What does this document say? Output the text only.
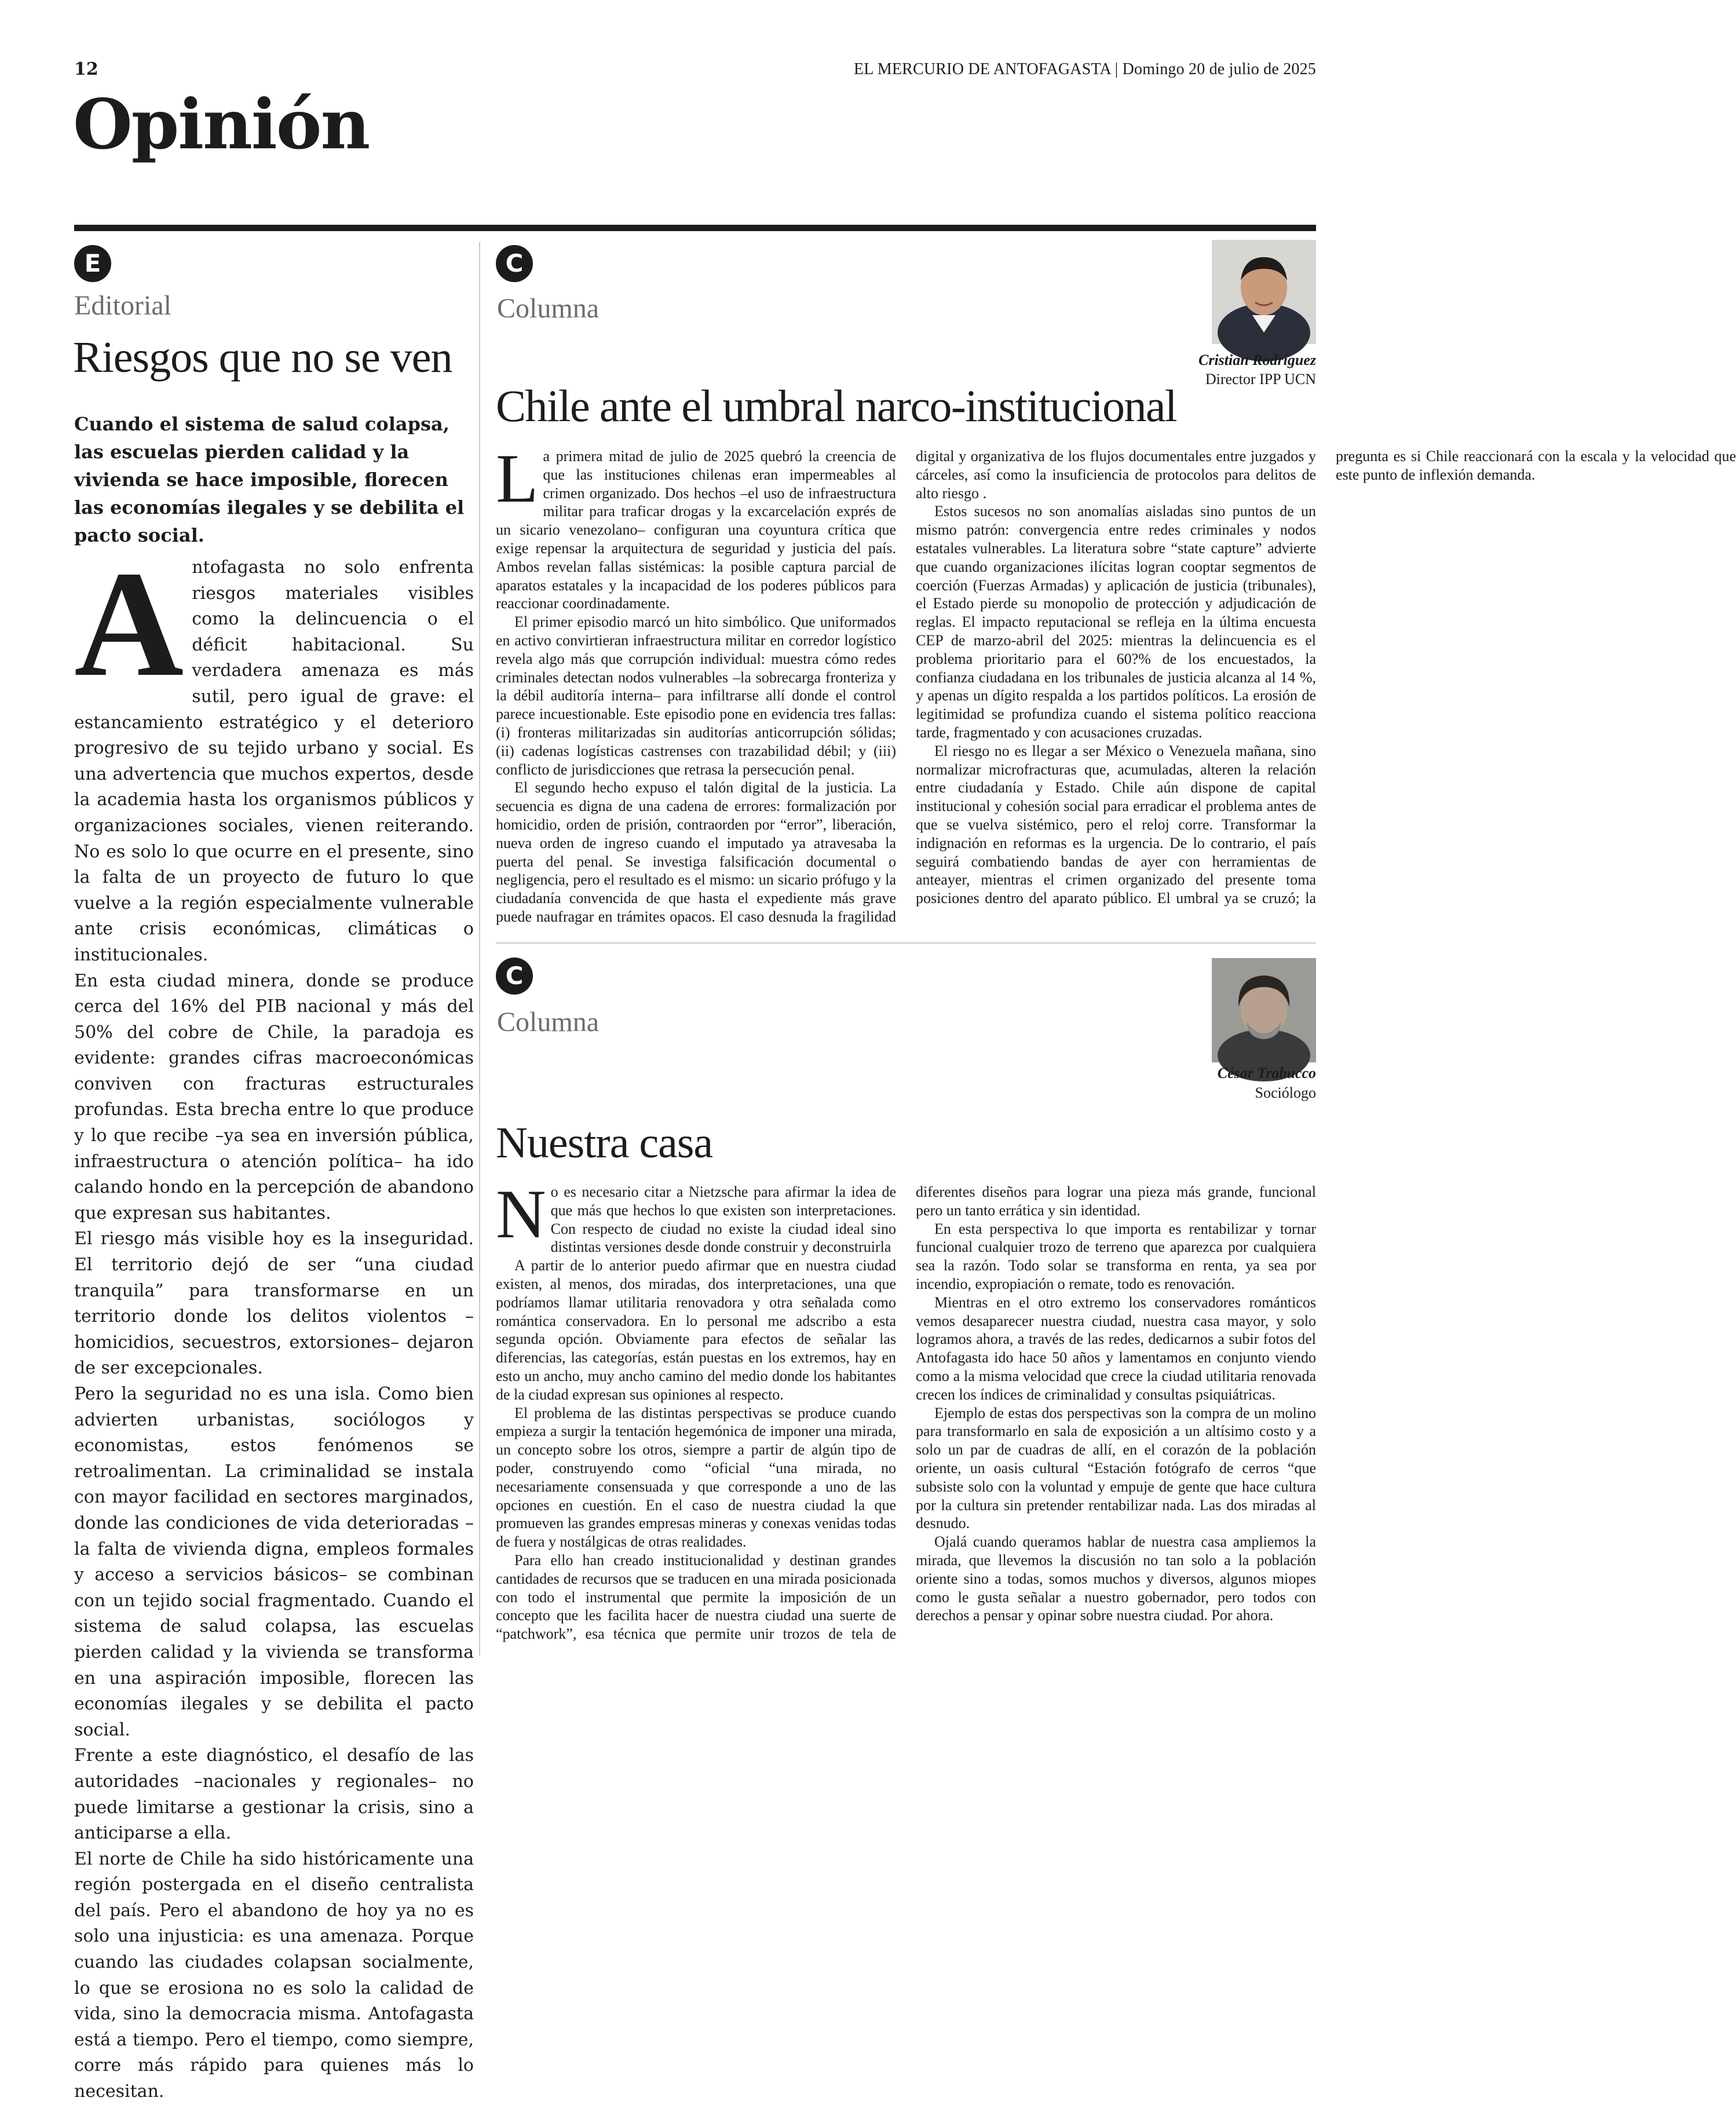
12	EL MERCURIO DE ANTOFAGASTA | Domingo 20 de julio de 2025
Opinión
E
Editorial
Riesgos que no se ven
Cuando el sistema de salud colapsa, las escuelas pierden calidad y la vivienda se hace imposible, florecen las economías ilegales y se debilita el pacto social.

Antofagasta no solo enfrenta riesgos materiales visibles como la delincuencia o el déficit habitacional. Su verdadera amenaza es más sutil, pero igual de grave: el estancamiento estratégico y el deterioro progresivo de su tejido urbano y social. Es una advertencia que muchos expertos, desde la academia hasta los organismos públicos y organizaciones sociales, vienen reiterando. No es solo lo que ocurre en el presente, sino la falta de un proyecto de futuro lo que vuelve a la región especialmente vulnerable ante crisis económicas, climáticas o institucionales.

En esta ciudad minera, donde se produce cerca del 16% del PIB nacional y más del 50% del cobre de Chile, la paradoja es evidente: grandes cifras macroeconómicas conviven con fracturas estructurales profundas. Esta brecha entre lo que produce y lo que recibe –ya sea en inversión pública, infraestructura o atención política– ha ido calando hondo en la percepción de abandono que expresan sus habitantes.

El riesgo más visible hoy es la inseguridad. El territorio dejó de ser “una ciudad tranquila” para transformarse en un territorio donde los delitos violentos –homicidios, secuestros, extorsiones– dejaron de ser excepcionales.

Pero la seguridad no es una isla. Como bien advierten urbanistas, sociólogos y economistas, estos fenómenos se retroalimentan. La criminalidad se instala con mayor facilidad en sectores marginados, donde las condiciones de vida deterioradas –la falta de vivienda digna, empleos formales y acceso a servicios básicos– se combinan con un tejido social fragmentado. Cuando el sistema de salud colapsa, las escuelas pierden calidad y la vivienda se transforma en una aspiración imposible, florecen las economías ilegales y se debilita el pacto social.

Frente a este diagnóstico, el desafío de las autoridades –nacionales y regionales– no puede limitarse a gestionar la crisis, sino a anticiparse a ella.

El norte de Chile ha sido históricamente una región postergada en el diseño centralista del país. Pero el abandono de hoy ya no es solo una injusticia: es una amenaza. Porque cuando las ciudades colapsan socialmente, lo que se erosiona no es solo la calidad de vida, sino la democracia misma. Antofagasta está a tiempo. Pero el tiempo, como siempre, corre más rápido para quienes más lo necesitan.

C
Columna
Cristian Rodríguez
Director IPP UCN
Chile ante el umbral narco-institucional

La primera mitad de julio de 2025 quebró la creencia de que las instituciones chilenas eran impermeables al crimen organizado. Dos hechos –el uso de infraestructura militar para traficar drogas y la excarcelación exprés de un sicario venezolano– configuran una coyuntura crítica que exige repensar la arquitectura de seguridad y justicia del país. Ambos revelan fallas sistémicas: la posible captura parcial de aparatos estatales y la incapacidad de los poderes públicos para reaccionar coordinadamente.

El primer episodio marcó un hito simbólico. Que uniformados en activo convirtieran infraestructura militar en corredor logístico revela algo más que corrupción individual: muestra cómo redes criminales detectan nodos vulnerables –la sobrecarga fronteriza y la débil auditoría interna– para infiltrarse allí donde el control parece incuestionable. Este episodio pone en evidencia tres fallas: (i) fronteras militarizadas sin auditorías anticorrupción sólidas; (ii) cadenas logísticas castrenses con trazabilidad débil; y (iii) conflicto de jurisdicciones que retrasa la persecución penal.

El segundo hecho expuso el talón digital de la justicia. La secuencia es digna de una cadena de errores: formalización por homicidio, orden de prisión, contraorden por “error”, liberación, nueva orden de ingreso cuando el imputado ya atravesaba la puerta del penal. Se investiga falsificación documental o negligencia, pero el resultado es el mismo: un sicario prófugo y la ciudadanía convencida de que hasta el expediente más grave puede naufragar en trámites opacos. El caso desnuda la fragilidad digital y organizativa de los flujos documentales entre juzgados y cárceles, así como la insuficiencia de protocolos para delitos de alto riesgo .

Estos sucesos no son anomalías aisladas sino puntos de un mismo patrón: convergencia entre redes criminales y nodos estatales vulnerables. La literatura sobre “state capture” advierte que cuando organizaciones ilícitas logran cooptar segmentos de coerción (Fuerzas Armadas) y aplicación de justicia (tribunales), el Estado pierde su monopolio de protección y adjudicación de reglas. El impacto reputacional se refleja en la última encuesta CEP de marzo-abril del 2025: mientras la delincuencia es el problema prioritario para el 60?% de los encuestados, la confianza ciudadana en los tribunales de justicia alcanza al 14 %, y apenas un dígito respalda a los partidos políticos. La erosión de legitimidad se profundiza cuando el sistema político reacciona tarde, fragmentado y con acusaciones cruzadas.

El riesgo no es llegar a ser México o Venezuela mañana, sino normalizar microfracturas que, acumuladas, alteren la relación entre ciudadanía y Estado. Chile aún dispone de capital institucional y cohesión social para erradicar el problema antes de que se vuelva sistémico, pero el reloj corre. Transformar la indignación en reformas es la urgencia. De lo contrario, el país seguirá combatiendo bandas de ayer con herramientas de anteayer, mientras el crimen organizado del presente toma posiciones dentro del aparato público. El umbral ya se cruzó; la pregunta es si Chile reaccionará con la escala y la velocidad que este punto de inflexión demanda.

C
Columna
César Trabucco
Sociólogo
Nuestra casa

No es necesario citar a Nietzsche para afirmar la idea de que más que hechos lo que existen son interpretaciones. Con respecto de ciudad no existe la ciudad ideal sino distintas versiones desde donde construir y deconstruirla

A partir de lo anterior puedo afirmar que en nuestra ciudad existen, al menos, dos miradas, dos interpretaciones, una que podríamos llamar utilitaria renovadora y otra señalada como romántica conservadora. En lo personal me adscribo a esta segunda opción. Obviamente para efectos de señalar las diferencias, las categorías, están puestas en los extremos, hay en esto un ancho, muy ancho camino del medio donde los habitantes de la ciudad expresan sus opiniones al respecto.

El problema de las distintas perspectivas se produce cuando empieza a surgir la tentación hegemónica de imponer una mirada, un concepto sobre los otros, siempre a partir de algún tipo de poder, construyendo como “oficial “una mirada, no necesariamente consensuada y que corresponde a uno de las opciones en cuestión. En el caso de nuestra ciudad la que promueven las grandes empresas mineras y conexas venidas todas de fuera y nostálgicas de otras realidades.

Para ello han creado institucionalidad y destinan grandes cantidades de recursos que se traducen en una mirada posicionada con todo el instrumental que permite la imposición de un concepto que les facilita hacer de nuestra ciudad una suerte de “patchwork”, esa técnica que permite unir trozos de tela de diferentes diseños para lograr una pieza más grande, funcional pero un tanto errática y sin identidad.

En esta perspectiva lo que importa es rentabilizar y tornar funcional cualquier trozo de terreno que aparezca por cualquiera sea la razón. Todo solar se transforma en renta, ya sea por incendio, expropiación o remate, todo es renovación.

Mientras en el otro extremo los conservadores románticos vemos desaparecer nuestra ciudad, nuestra casa mayor, y solo logramos ahora, a través de las redes, dedicarnos a subir fotos del Antofagasta ido hace 50 años y lamentamos en conjunto viendo como a la misma velocidad que crece la ciudad utilitaria renovada crecen los índices de criminalidad y consultas psiquiátricas.

Ejemplo de estas dos perspectivas son la compra de un molino para transformarlo en sala de exposición a un altísimo costo y a solo un par de cuadras de allí, en el corazón de la población oriente, un oasis cultural “Estación fotógrafo de cerros “que subsiste solo con la voluntad y empuje de gente que hace cultura por la cultura sin pretender rentabilizar nada. Las dos miradas al desnudo.

Ojalá cuando queramos hablar de nuestra casa ampliemos la mirada, que llevemos la discusión no tan solo a la población oriente sino a todas, somos muchos y diversos, algunos miopes como le gusta señalar a nuestro gobernador, pero todos con derechos a pensar y opinar sobre nuestra ciudad. Por ahora.
